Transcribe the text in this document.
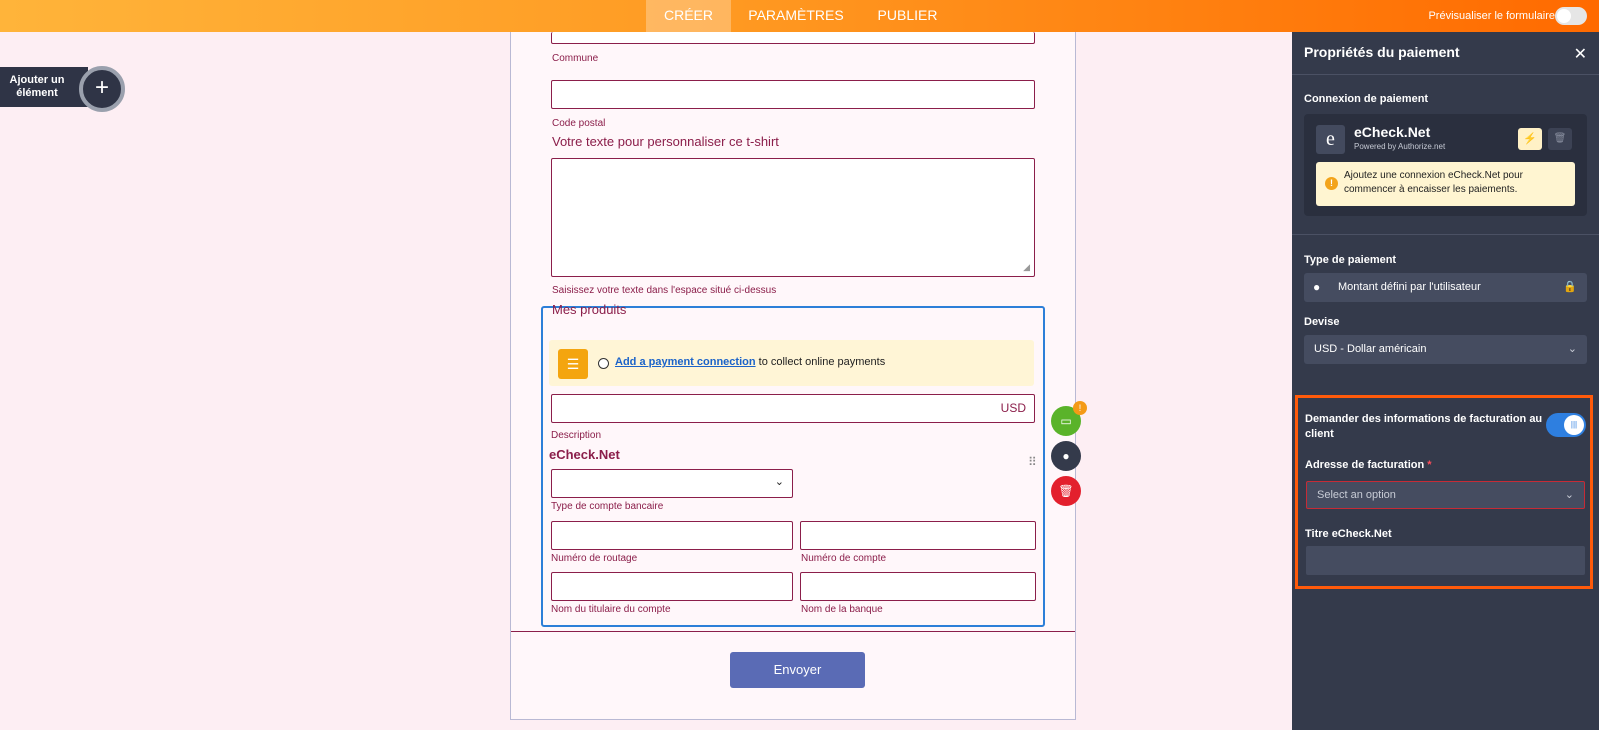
CRÉER	PARAMÈTRES	PUBLIER	Prévisualiser le formulaire
Ajouter un élément	+
Commune
Code postal
Votre texte pour personnaliser ce t-shirt
◢
Saisissez votre texte dans l'espace situé ci-dessus
Mes produits
☰	Add a payment connection to collect online payments
USD
Description
eCheck.Net	⠿
⌄
Type de compte bancaire
Numéro de routage	Numéro de compte
Nom du titulaire du compte	Nom de la banque
Envoyer
▭
!
●
🗑
Propriétés du paiement	✕
Connexion de paiement
e	eCheck.Net
Powered by Authorize.net
⚡	🗑
!
Ajoutez une connexion eCheck.Net pour commencer à encaisser les paiements.
Type de paiement
● Montant défini par l'utilisateur	🔒
Devise
USD - Dollar américain	⌄
Demander des informations de facturation au client
|||
Adresse de facturation *
Select an option	⌄
Titre eCheck.Net
